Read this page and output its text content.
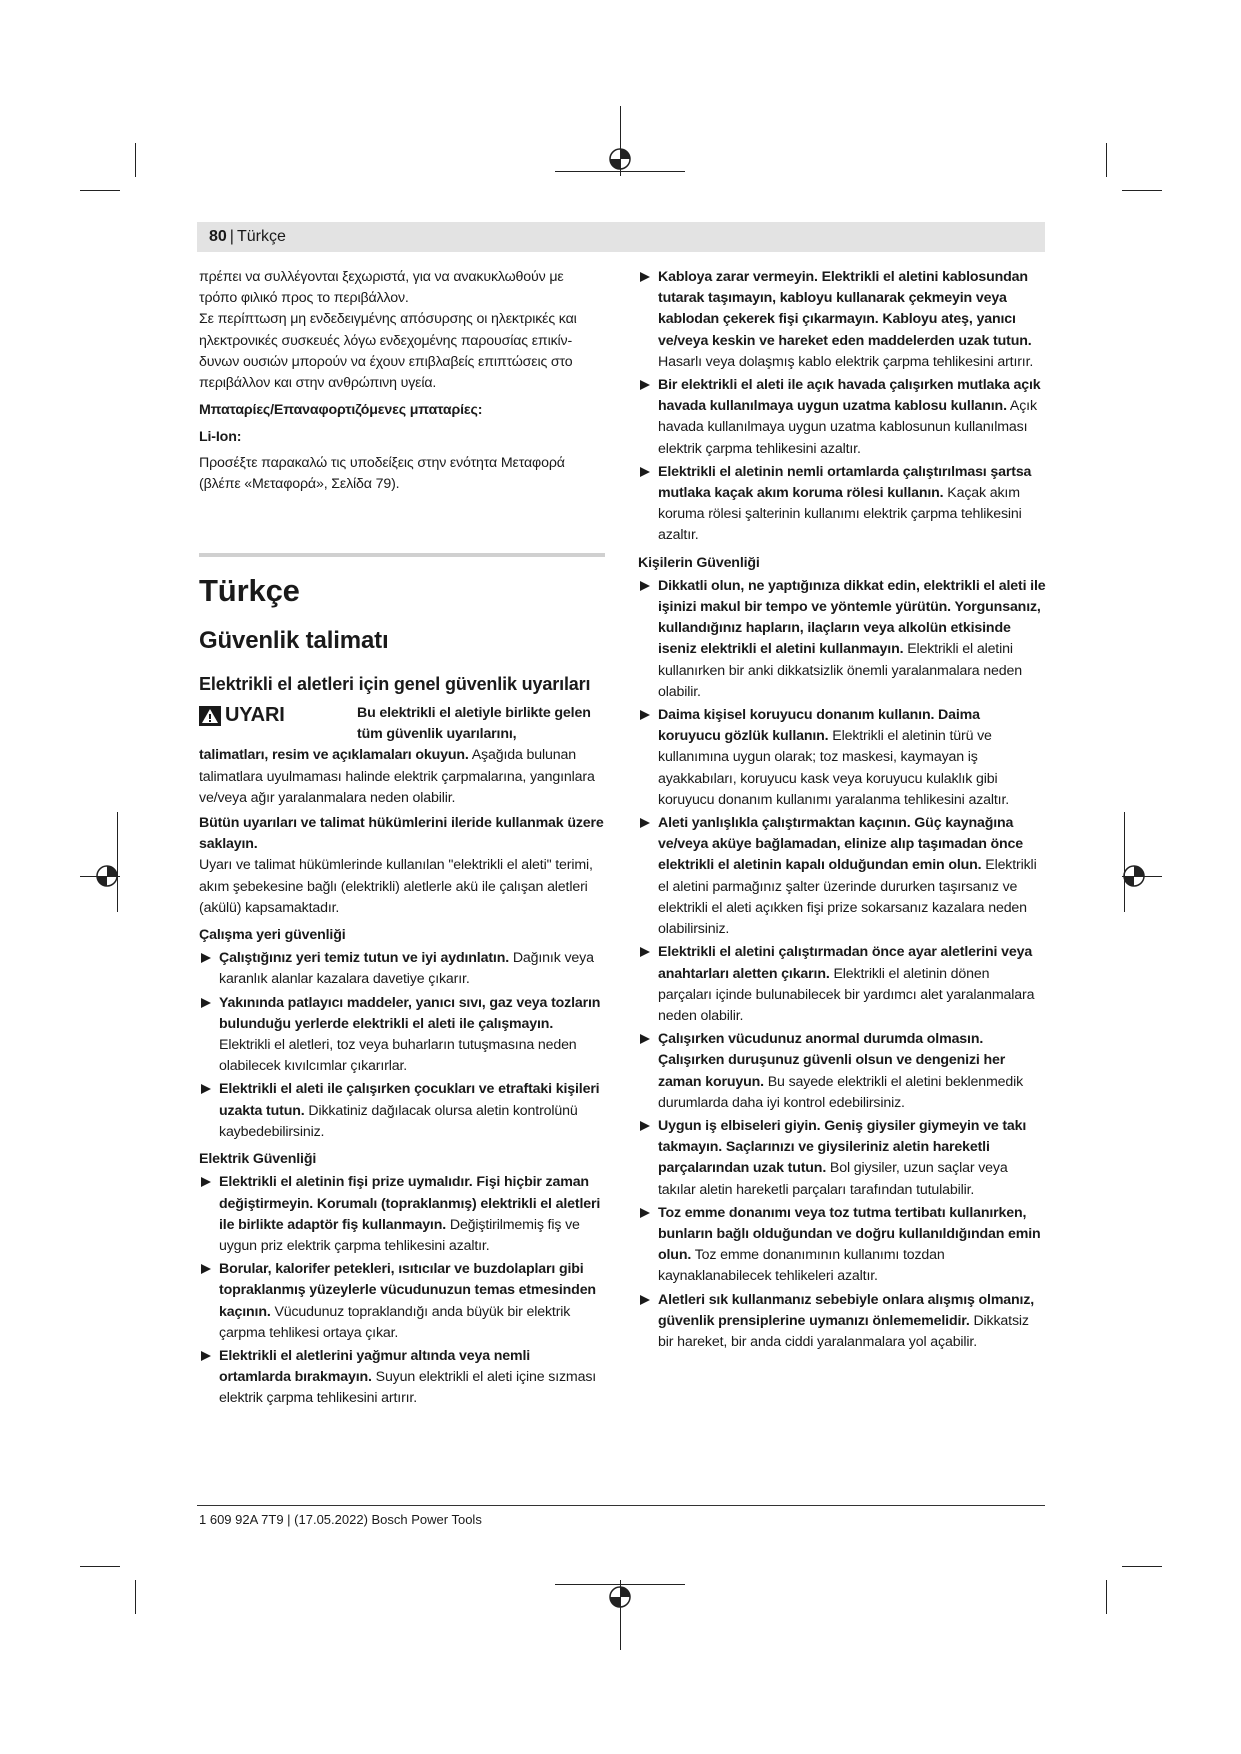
80 | Türkçe

πρέπει να συλλέγονται ξεχωριστά, για να ανακυκλωθούν με τρόπο φιλικό προς το περιβάλλον.

Σε περίπτωση μη ενδεδειγμένης απόσυρσης οι ηλεκτρικές και ηλεκτρονικές συσκευές λόγω ενδεχομένης παρουσίας επικίν-δυνων ουσιών μπορούν να έχουν επιβλαβείς επιπτώσεις στο περιβάλλον και στην ανθρώπινη υγεία.

Μπαταρίες/Επαναφορτιζόμενες μπαταρίες:

Li-Ion:

Προσέξτε παρακαλώ τις υποδείξεις στην ενότητα Μεταφορά (βλέπε «Μεταφορά», Σελίδα 79).

Türkçe
Güvenlik talimatı
Elektrikli el aletleri için genel güvenlik uyarıları
UYARI	Bu elektrikli el aletiyle birlikte gelen tüm güvenlik uyarılarını,

talimatları, resim ve açıklamaları okuyun. Aşağıda bulunan talimatlara uyulmaması halinde elektrik çarpmalarına, yangınlara ve/veya ağır yaralanmalara neden olabilir.

Bütün uyarıları ve talimat hükümlerini ileride kullanmak üzere saklayın.

Uyarı ve talimat hükümlerinde kullanılan "elektrikli el aleti" terimi, akım şebekesine bağlı (elektrikli) aletlerle akü ile çalışan aletleri (akülü) kapsamaktadır.

Çalışma yeri güvenliği

Çalıştığınız yeri temiz tutun ve iyi aydınlatın. Dağınık veya karanlık alanlar kazalara davetiye çıkarır.

Yakınında patlayıcı maddeler, yanıcı sıvı, gaz veya tozların bulunduğu yerlerde elektrikli el aleti ile çalışmayın. Elektrikli el aletleri, toz veya buharların tutuşmasına neden olabilecek kıvılcımlar çıkarırlar.

Elektrikli el aleti ile çalışırken çocukları ve etraftaki kişileri uzakta tutun. Dikkatiniz dağılacak olursa aletin kontrolünü kaybedebilirsiniz.

Elektrik Güvenliği

Elektrikli el aletinin fişi prize uymalıdır. Fişi hiçbir zaman değiştirmeyin. Korumalı (topraklanmış) elektrikli el aletleri ile birlikte adaptör fiş kullanmayın. Değiştirilmemiş fiş ve uygun priz elektrik çarpma tehlikesini azaltır.

Borular, kalorifer petekleri, ısıtıcılar ve buzdolapları gibi topraklanmış yüzeylerle vücudunuzun temas etmesinden kaçının. Vücudunuz topraklandığı anda büyük bir elektrik çarpma tehlikesi ortaya çıkar.

Elektrikli el aletlerini yağmur altında veya nemli ortamlarda bırakmayın. Suyun elektrikli el aleti içine sızması elektrik çarpma tehlikesini artırır.

Kabloya zarar vermeyin. Elektrikli el aletini kablosundan tutarak taşımayın, kabloyu kullanarak çekmeyin veya kablodan çekerek fişi çıkarmayın. Kabloyu ateş, yanıcı ve/veya keskin ve hareket eden maddelerden uzak tutun. Hasarlı veya dolaşmış kablo elektrik çarpma tehlikesini artırır.

Bir elektrikli el aleti ile açık havada çalışırken mutlaka açık havada kullanılmaya uygun uzatma kablosu kullanın. Açık havada kullanılmaya uygun uzatma kablosunun kullanılması elektrik çarpma tehlikesini azaltır.

Elektrikli el aletinin nemli ortamlarda çalıştırılması şartsa mutlaka kaçak akım koruma rölesi kullanın. Kaçak akım koruma rölesi şalterinin kullanımı elektrik çarpma tehlikesini azaltır.

Kişilerin Güvenliği

Dikkatli olun, ne yaptığınıza dikkat edin, elektrikli el aleti ile işinizi makul bir tempo ve yöntemle yürütün. Yorgunsanız, kullandığınız hapların, ilaçların veya alkolün etkisinde iseniz elektrikli el aletini kullanmayın. Elektrikli el aletini kullanırken bir anki dikkatsizlik önemli yaralanmalara neden olabilir.

Daima kişisel koruyucu donanım kullanın. Daima koruyucu gözlük kullanın. Elektrikli el aletinin türü ve kullanımına uygun olarak; toz maskesi, kaymayan iş ayakkabıları, koruyucu kask veya koruyucu kulaklık gibi koruyucu donanım kullanımı yaralanma tehlikesini azaltır.

Aleti yanlışlıkla çalıştırmaktan kaçının. Güç kaynağına ve/veya aküye bağlamadan, elinize alıp taşımadan önce elektrikli el aletinin kapalı olduğundan emin olun. Elektrikli el aletini parmağınız şalter üzerinde dururken taşırsanız ve elektrikli el aleti açıkken fişi prize sokarsanız kazalara neden olabilirsiniz.

Elektrikli el aletini çalıştırmadan önce ayar aletlerini veya anahtarları aletten çıkarın. Elektrikli el aletinin dönen parçaları içinde bulunabilecek bir yardımcı alet yaralanmalara neden olabilir.

Çalışırken vücudunuz anormal durumda olmasın. Çalışırken duruşunuz güvenli olsun ve dengenizi her zaman koruyun. Bu sayede elektrikli el aletini beklenmedik durumlarda daha iyi kontrol edebilirsiniz.

Uygun iş elbiseleri giyin. Geniş giysiler giymeyin ve takı takmayın. Saçlarınızı ve giysileriniz aletin hareketli parçalarından uzak tutun. Bol giysiler, uzun saçlar veya takılar aletin hareketli parçaları tarafından tutulabilir.

Toz emme donanımı veya toz tutma tertibatı kullanırken, bunların bağlı olduğundan ve doğru kullanıldığından emin olun. Toz emme donanımının kullanımı tozdan kaynaklanabilecek tehlikeleri azaltır.

Aletleri sık kullanmanız sebebiyle onlara alışmış olmanız, güvenlik prensiplerine uymanızı önlememelidir. Dikkatsiz bir hareket, bir anda ciddi yaralanmalara yol açabilir.

1 609 92A 7T9 | (17.05.2022) Bosch Power Tools
